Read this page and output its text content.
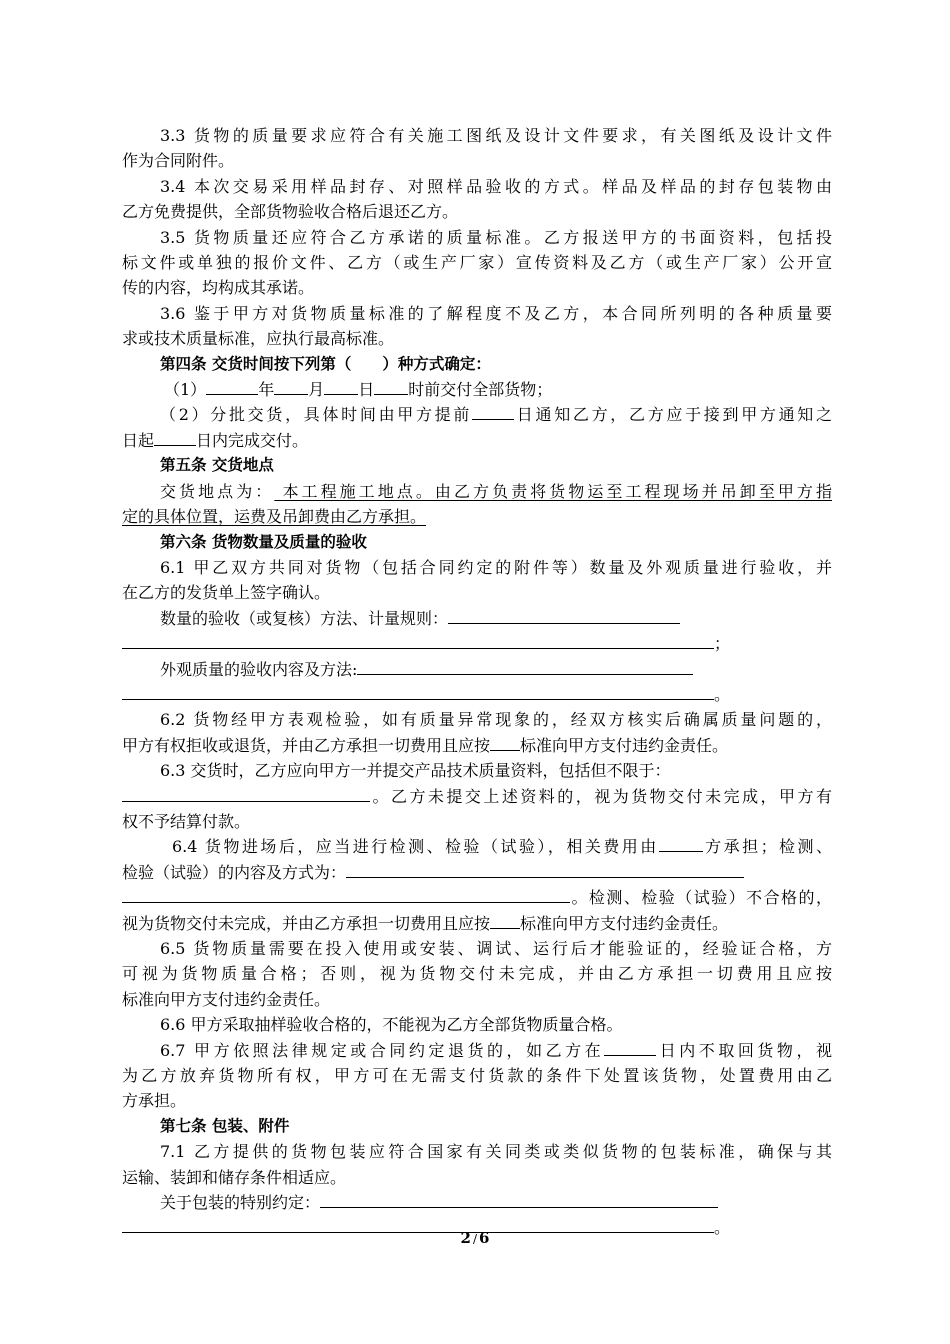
3.3 货物的质量要求应符合有关施工图纸及设计文件要求，有关图纸及设计文件

作为合同附件。

3.4 本次交易采用样品封存、对照样品验收的方式。样品及样品的封存包装物由

乙方免费提供，全部货物验收合格后退还乙方。

3.5 货物质量还应符合乙方承诺的质量标准。乙方报送甲方的书面资料，包括投

标文件或单独的报价文件、乙方（或生产厂家）宣传资料及乙方（或生产厂家）公开宣

传的内容，均构成其承诺。

3.6 鉴于甲方对货物质量标准的了解程度不及乙方，本合同所列明的各种质量要

求或技术质量标准，应执行最高标准。

第四条 交货时间按下列第（　　）种方式确定：

（1）	年 月 日 时前交付全部货物；

（2）分批交货，具体时间由甲方提前	日通知乙方，乙方应于接到甲方通知之

日起	日内完成交付。

第五条 交货地点

交货地点为： 本工程施工地点。由乙方负责将货物运至工程现场并吊卸至甲方指

定的具体位置，运费及吊卸费由乙方承担。

第六条 货物数量及质量的验收

6.1 甲乙双方共同对货物（包括合同约定的附件等）数量及外观质量进行验收，并

在乙方的发货单上签字确认。

数量的验收（或复核）方法、计量规则：

；

外观质量的验收内容及方法:

。

6.2 货物经甲方表观检验，如有质量异常现象的，经双方核实后确属质量问题的，

甲方有权拒收或退货，并由乙方承担一切费用且应按 标准向甲方支付违约金责任。

6.3 交货时，乙方应向甲方一并提交产品技术质量资料，包括但不限于：

。乙方未提交上述资料的，视为货物交付未完成，甲方有

权不予结算付款。

6.4 货物进场后，应当进行检测、检验（试验），相关费用由	方承担；检测、

检验（试验）的内容及方式为：

。检测、检验（试验）不合格的，

视为货物交付未完成，并由乙方承担一切费用且应按 标准向甲方支付违约金责任。

6.5 货物质量需要在投入使用或安装、调试、运行后才能验证的，经验证合格，方

可视为货物质量合格；否则，视为货物交付未完成，并由乙方承担一切费用且应按

标准向甲方支付违约金责任。

6.6 甲方采取抽样验收合格的，不能视为乙方全部货物质量合格。

6.7 甲方依照法律规定或合同约定退货的，如乙方在	日内不取回货物，视

为乙方放弃货物所有权，甲方可在无需支付货款的条件下处置该货物，处置费用由乙

方承担。

第七条 包装、附件

7.1 乙方提供的货物包装应符合国家有关同类或类似货物的包装标准，确保与其

运输、装卸和储存条件相适应。

关于包装的特别约定：

。

2 / 6
